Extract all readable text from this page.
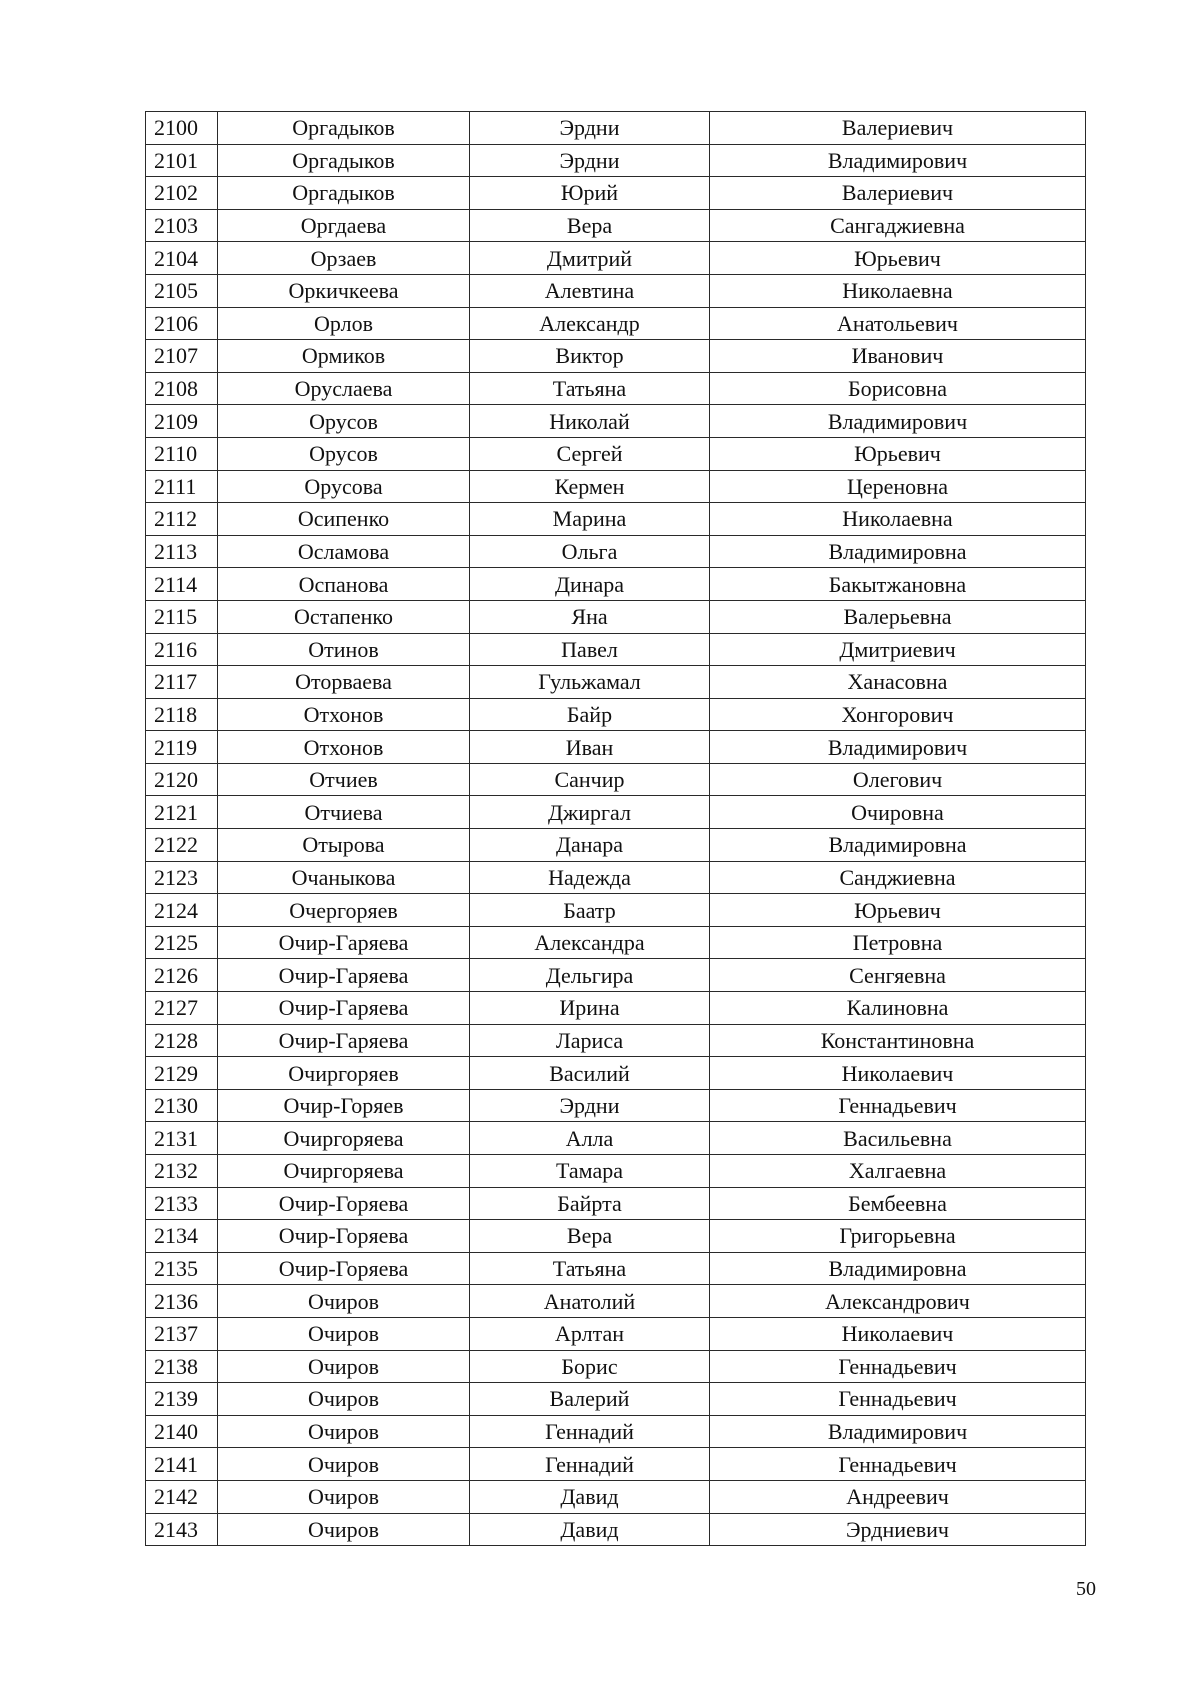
2100	Оргадыков	Эрдни	Валериевич
2101	Оргадыков	Эрдни	Владимирович
2102	Оргадыков	Юрий	Валериевич
2103	Оргдаева	Вера	Сангаджиевна
2104	Орзаев	Дмитрий	Юрьевич
2105	Оркичкеева	Алевтина	Николаевна
2106	Орлов	Александр	Анатольевич
2107	Ормиков	Виктор	Иванович
2108	Оруслаева	Татьяна	Борисовна
2109	Орусов	Николай	Владимирович
2110	Орусов	Сергей	Юрьевич
2111	Орусова	Кермен	Цереновна
2112	Осипенко	Марина	Николаевна
2113	Осламова	Ольга	Владимировна
2114	Оспанова	Динара	Бакытжановна
2115	Остапенко	Яна	Валерьевна
2116	Отинов	Павел	Дмитриевич
2117	Оторваева	Гульжамал	Ханасовна
2118	Отхонов	Байр	Хонгорович
2119	Отхонов	Иван	Владимирович
2120	Отчиев	Санчир	Олегович
2121	Отчиева	Джиргал	Очировна
2122	Отырова	Данара	Владимировна
2123	Очаныкова	Надежда	Санджиевна
2124	Очергоряев	Баатр	Юрьевич
2125	Очир-Гаряева	Александра	Петровна
2126	Очир-Гаряева	Дельгира	Сенгяевна
2127	Очир-Гаряева	Ирина	Калиновна
2128	Очир-Гаряева	Лариса	Константиновна
2129	Очиргоряев	Василий	Николаевич
2130	Очир-Горяев	Эрдни	Геннадьевич
2131	Очиргоряева	Алла	Васильевна
2132	Очиргоряева	Тамара	Халгаевна
2133	Очир-Горяева	Байрта	Бембеевна
2134	Очир-Горяева	Вера	Григорьевна
2135	Очир-Горяева	Татьяна	Владимировна
2136	Очиров	Анатолий	Александрович
2137	Очиров	Арлтан	Николаевич
2138	Очиров	Борис	Геннадьевич
2139	Очиров	Валерий	Геннадьевич
2140	Очиров	Геннадий	Владимирович
2141	Очиров	Геннадий	Геннадьевич
2142	Очиров	Давид	Андреевич
2143	Очиров	Давид	Эрдниевич
50
